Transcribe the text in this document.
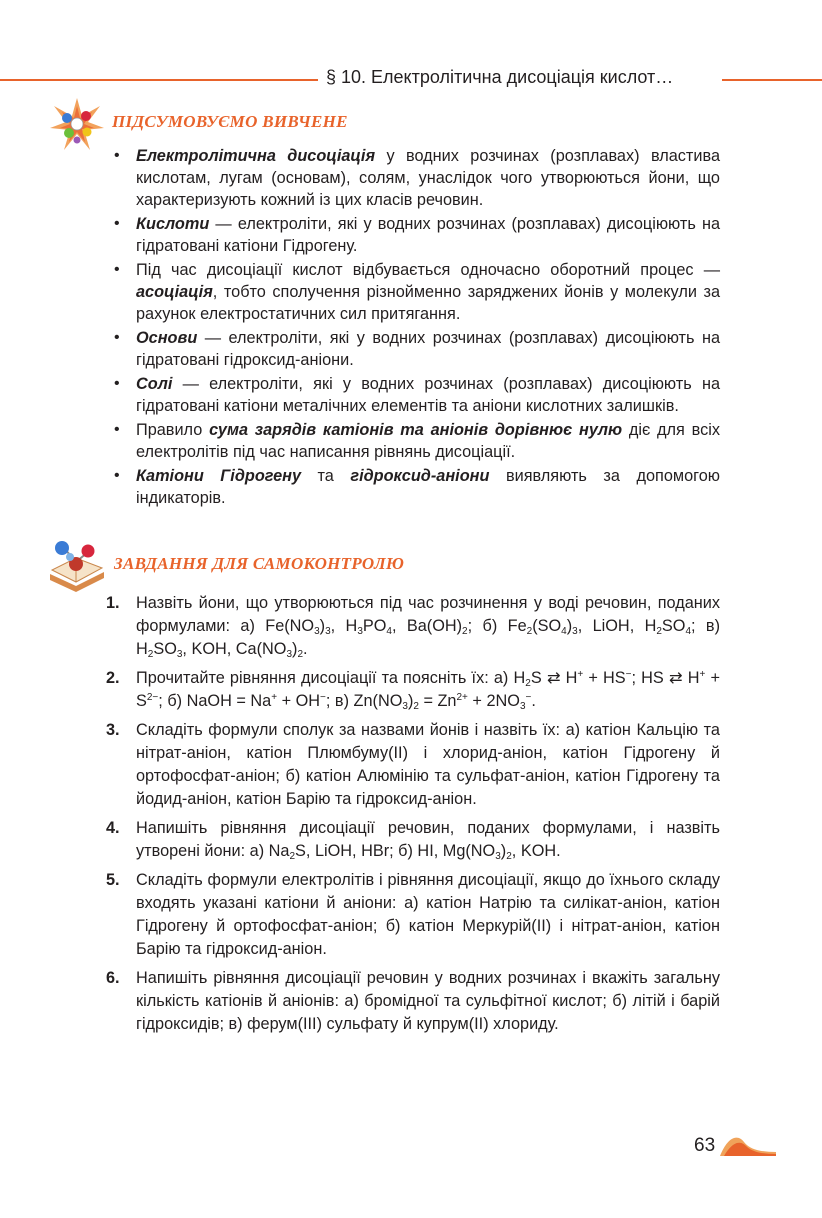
§ 10. Електролітична дисоціація кислот…
ПІДСУМОВУЄМО ВИВЧЕНЕ
• Електролітична дисоціація у водних розчинах (розплавах) властива кислотам, лугам (основам), солям, унаслідок чого утворюються йони, що характеризують кожний із цих класів речовин.
• Кислоти — електроліти, які у водних розчинах (розплавах) дисоціюють на гідратовані катіони Гідрогену.
• Під час дисоціації кислот відбувається одночасно оборотний процес — асоціація, тобто сполучення різнойменно заряджених йонів у молекули за рахунок електростатичних сил притягання.
• Основи — електроліти, які у водних розчинах (розплавах) дисоціюють на гідратовані гідроксид-аніони.
• Солі — електроліти, які у водних розчинах (розплавах) дисоціюють на гідратовані катіони металічних елементів та аніони кислотних залишків.
• Правило сума зарядів катіонів та аніонів дорівнює нулю діє для всіх електролітів під час написання рівнянь дисоціації.
• Катіони Гідрогену та гідроксид-аніони виявляють за допомогою індикаторів.
ЗАВДАННЯ ДЛЯ САМОКОНТРОЛЮ
1. Назвіть йони, що утворюються під час розчинення у воді речовин, поданих формулами: а) $Fe(NO_3)_3$, $H_3PO_4$, $Ba(OH)_2$; б) $Fe_2(SO_4)_3$, LiOH, $H_2SO_4$; в) $H_2SO_3$, KOH, $Ca(NO_3)_2$.
2. Прочитайте рівняння дисоціації та поясніть їх: а) $H_2S$ ⇄ H+ + HS−; HS ⇄ $H^+ + S^{2-}$; б) NaOH = Na+ + OH−; в) $Zn(NO_3)_2 = Zn^{2+} + 2NO_3^-$.
3. Складіть формули сполук за назвами йонів і назвіть їх: а) катіон Кальцію та нітрат-аніон, катіон Плюмбуму(II) і хлорид-аніон, катіон Гідрогену й ортофосфат-аніон; б) катіон Алюмінію та сульфат-аніон, катіон Гідрогену та йодид-аніон, катіон Барію та гідроксид-аніон.
4. Напишіть рівняння дисоціації речовин, поданих формулами, і назвіть утворені йони: а) $Na_2S$, LiOH, HBr; б) HI, $Mg(NO_3)_2$, KOH.
5. Складіть формули електролітів і рівняння дисоціації, якщо до їхнього складу входять указані катіони й аніони: а) катіон Натрію та силікат-аніон, катіон Гідрогену й ортофосфат-аніон; б) катіон Меркурій(II) і нітрат-аніон, катіон Барію та гідроксид-аніон.
6. Напишіть рівняння дисоціації речовин у водних розчинах і вкажіть загальну кількість катіонів й аніонів: а) бромідної та сульфітної кислот; б) літій і барій гідроксидів; в) ферум(III) сульфату й купрум(II) хлориду.
63
